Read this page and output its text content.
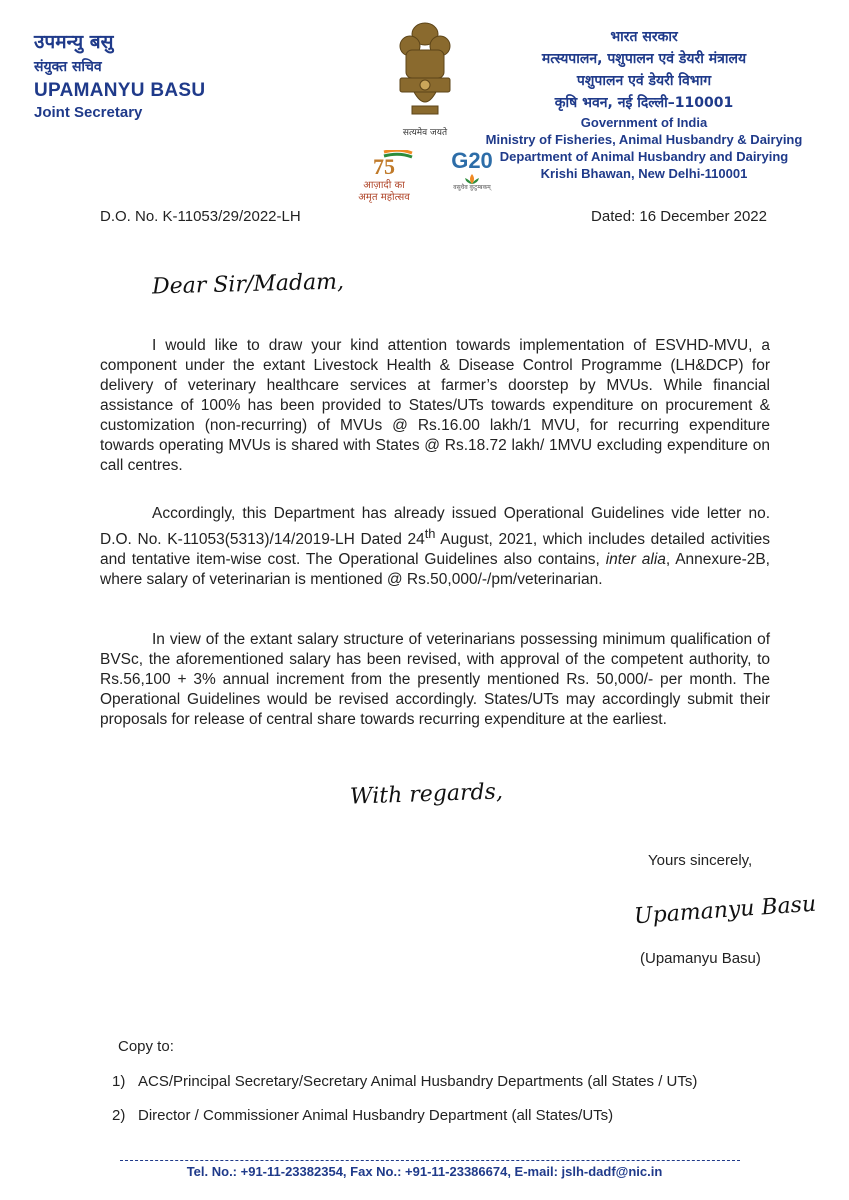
उपमन्यु बसु
संयुक्त सचिव
UPAMANYU BASU
Joint Secretary
सत्यमेव जयते
75
आज़ादी का
अमृत महोत्सव
G20
वसुधैव कुटुम्बकम्
भारत सरकार
मत्स्यपालन, पशुपालन एवं डेयरी मंत्रालय
पशुपालन एवं डेयरी विभाग
कृषि भवन, नई दिल्ली–110001
Government of India
Ministry of Fisheries, Animal Husbandry & Dairying
Department of Animal Husbandry and Dairying
Krishi Bhawan, New Delhi-110001
D.O. No. K-11053/29/2022-LH	Dated: 16 December 2022
Dear Sir/Madam,
I would like to draw your kind attention towards implementation of ESVHD-MVU, a component under the extant Livestock Health & Disease Control Programme (LH&DCP) for delivery of veterinary healthcare services at farmer’s doorstep by MVUs. While financial assistance of 100% has been provided to States/UTs towards expenditure on procurement & customization (non-recurring) of MVUs @ Rs.16.00 lakh/1 MVU, for recurring expenditure towards operating MVUs is shared with States @ Rs.18.72 lakh/ 1MVU excluding expenditure on call centres.
Accordingly, this Department has already issued Operational Guidelines vide letter no. D.O. No. K-11053(5313)/14/2019-LH Dated 24th August, 2021, which includes detailed activities and tentative item-wise cost. The Operational Guidelines also contains, inter alia, Annexure-2B, where salary of veterinarian is mentioned @ Rs.50,000/-/pm/veterinarian.
In view of the extant salary structure of veterinarians possessing minimum qualification of BVSc, the aforementioned salary has been revised, with approval of the competent authority, to Rs.56,100 + 3% annual increment from the presently mentioned Rs. 50,000/- per month. The Operational Guidelines would be revised accordingly. States/UTs may accordingly submit their proposals for release of central share towards recurring expenditure at the earliest.
With regards,
Yours sincerely,
Upamanyu Basu
(Upamanyu Basu)
Copy to:
1) ACS/Principal Secretary/Secretary Animal Husbandry Departments (all States / UTs)
2) Director / Commissioner Animal Husbandry Department (all States/UTs)
Tel. No.: +91-11-23382354, Fax No.: +91-11-23386674, E-mail: jslh-dadf@nic.in
